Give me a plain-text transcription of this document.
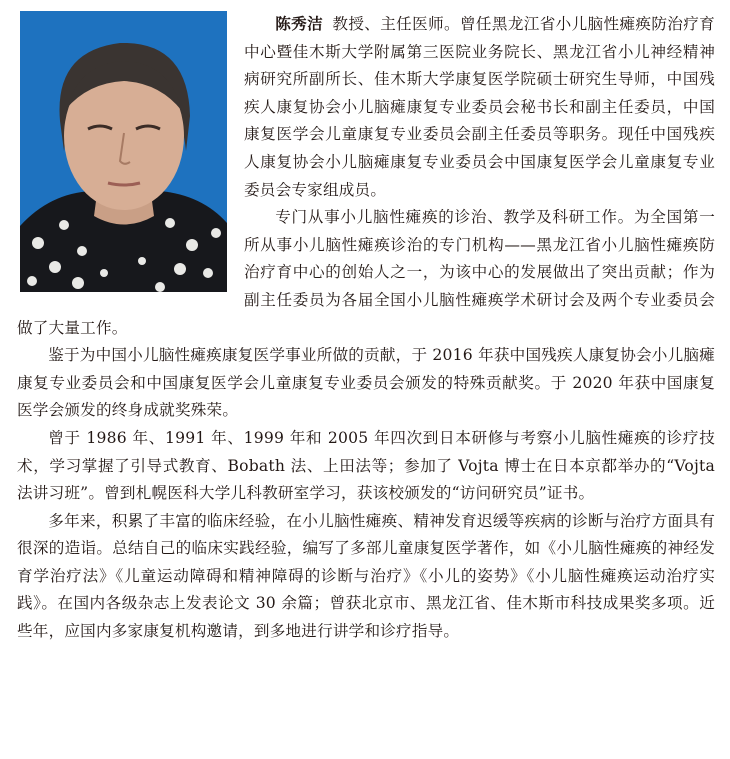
陈秀洁 教授、主任医师。曾任黑龙江省小儿脑性瘫痪防治疗育中心暨佳木斯大学附属第三医院业务院长、黑龙江省小儿神经精神病研究所副所长、佳木斯大学康复医学院硕士研究生导师，中国残疾人康复协会小儿脑瘫康复专业委员会秘书长和副主任委员，中国康复医学会儿童康复专业委员会副主任委员等职务。现任中国残疾人康复协会小儿脑瘫康复专业委员会中国康复医学会儿童康复专业委员会专家组成员。

专门从事小儿脑性瘫痪的诊治、教学及科研工作。为全国第一所从事小儿脑性瘫痪诊治的专门机构——黑龙江省小儿脑性瘫痪防治疗育中心的创始人之一，为该中心的发展做出了突出贡献；作为副主任委员为各届全国小儿脑性瘫痪学术研讨会及两个专业委员会做了大量工作。

鉴于为中国小儿脑性瘫痪康复医学事业所做的贡献，于 2016 年获中国残疾人康复协会小儿脑瘫康复专业委员会和中国康复医学会儿童康复专业委员会颁发的特殊贡献奖。于 2020 年获中国康复医学会颁发的终身成就奖殊荣。

曾于 1986 年、1991 年、1999 年和 2005 年四次到日本研修与考察小儿脑性瘫痪的诊疗技术，学习掌握了引导式教育、Bobath 法、上田法等；参加了 Vojta 博士在日本京都举办的“Vojta 法讲习班”。曾到札幌医科大学儿科教研室学习，获该校颁发的“访问研究员”证书。

多年来，积累了丰富的临床经验，在小儿脑性瘫痪、精神发育迟缓等疾病的诊断与治疗方面具有很深的造诣。总结自己的临床实践经验，编写了多部儿童康复医学著作，如《小儿脑性瘫痪的神经发育学治疗法》《儿童运动障碍和精神障碍的诊断与治疗》《小儿的姿势》《小儿脑性瘫痪运动治疗实践》。在国内各级杂志上发表论文 30 余篇；曾获北京市、黑龙江省、佳木斯市科技成果奖多项。近些年，应国内多家康复机构邀请，到多地进行讲学和诊疗指导。
